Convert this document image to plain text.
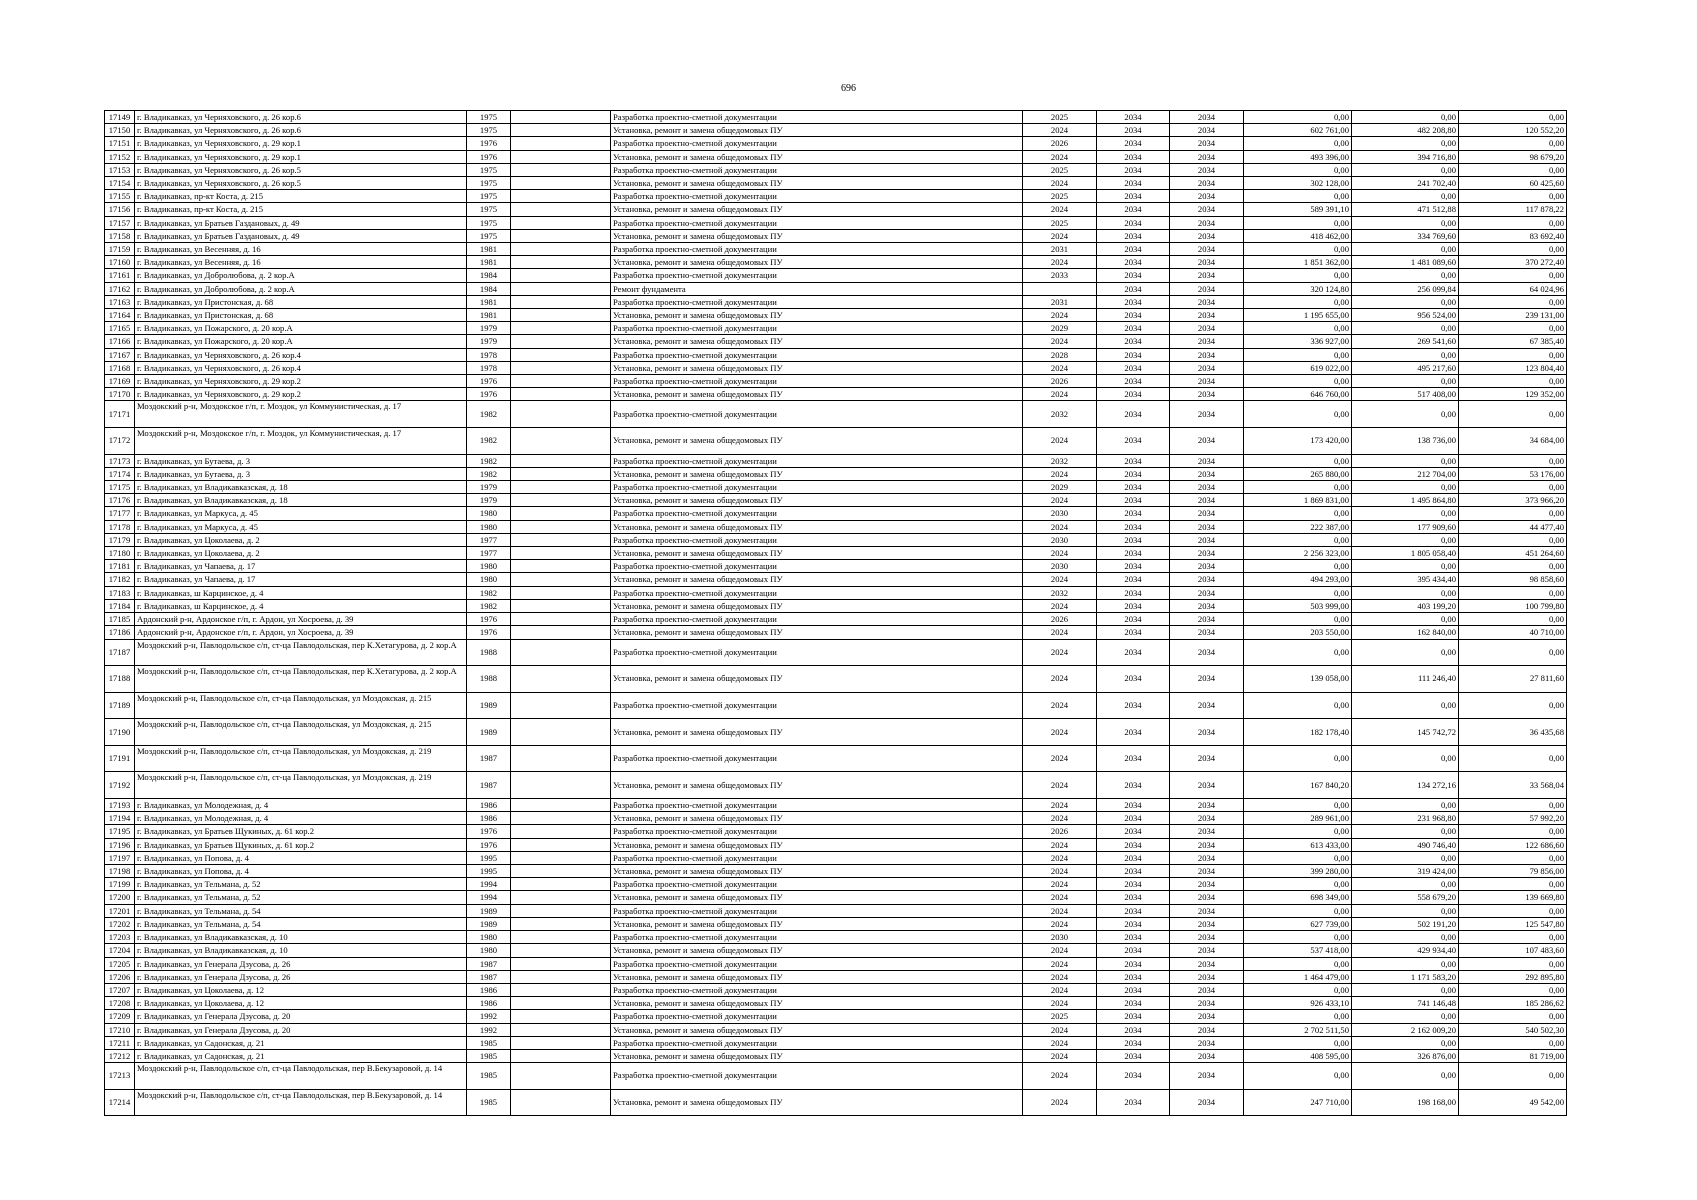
696
17149	г. Владикавказ, ул Черняховского, д. 26 кор.6	1975		Разработка проектно-сметной документации	2025	2034	2034	0,00	0,00	0,00
17150	г. Владикавказ, ул Черняховского, д. 26 кор.6	1975		Установка, ремонт и замена общедомовых ПУ	2024	2034	2034	602 761,00	482 208,80	120 552,20
17151	г. Владикавказ, ул Черняховского, д. 29 кор.1	1976		Разработка проектно-сметной документации	2026	2034	2034	0,00	0,00	0,00
17152	г. Владикавказ, ул Черняховского, д. 29 кор.1	1976		Установка, ремонт и замена общедомовых ПУ	2024	2034	2034	493 396,00	394 716,80	98 679,20
17153	г. Владикавказ, ул Черняховского, д. 26 кор.5	1975		Разработка проектно-сметной документации	2025	2034	2034	0,00	0,00	0,00
17154	г. Владикавказ, ул Черняховского, д. 26 кор.5	1975		Установка, ремонт и замена общедомовых ПУ	2024	2034	2034	302 128,00	241 702,40	60 425,60
17155	г. Владикавказ, пр-кт Коста, д. 215	1975		Разработка проектно-сметной документации	2025	2034	2034	0,00	0,00	0,00
17156	г. Владикавказ, пр-кт Коста, д. 215	1975		Установка, ремонт и замена общедомовых ПУ	2024	2034	2034	589 391,10	471 512,88	117 878,22
17157	г. Владикавказ, ул Братьев Газдановых, д. 49	1975		Разработка проектно-сметной документации	2025	2034	2034	0,00	0,00	0,00
17158	г. Владикавказ, ул Братьев Газдановых, д. 49	1975		Установка, ремонт и замена общедомовых ПУ	2024	2034	2034	418 462,00	334 769,60	83 692,40
17159	г. Владикавказ, ул Весенняя, д. 16	1981		Разработка проектно-сметной документации	2031	2034	2034	0,00	0,00	0,00
17160	г. Владикавказ, ул Весенняя, д. 16	1981		Установка, ремонт и замена общедомовых ПУ	2024	2034	2034	1 851 362,00	1 481 089,60	370 272,40
17161	г. Владикавказ, ул Добролюбова, д. 2 кор.А	1984		Разработка проектно-сметной документации	2033	2034	2034	0,00	0,00	0,00
17162	г. Владикавказ, ул Добролюбова, д. 2 кор.А	1984		Ремонт фундамента		2034	2034	320 124,80	256 099,84	64 024,96
17163	г. Владикавказ, ул Пристонская, д. 68	1981		Разработка проектно-сметной документации	2031	2034	2034	0,00	0,00	0,00
17164	г. Владикавказ, ул Пристонская, д. 68	1981		Установка, ремонт и замена общедомовых ПУ	2024	2034	2034	1 195 655,00	956 524,00	239 131,00
17165	г. Владикавказ, ул Пожарского, д. 20 кор.А	1979		Разработка проектно-сметной документации	2029	2034	2034	0,00	0,00	0,00
17166	г. Владикавказ, ул Пожарского, д. 20 кор.А	1979		Установка, ремонт и замена общедомовых ПУ	2024	2034	2034	336 927,00	269 541,60	67 385,40
17167	г. Владикавказ, ул Черняховского, д. 26 кор.4	1978		Разработка проектно-сметной документации	2028	2034	2034	0,00	0,00	0,00
17168	г. Владикавказ, ул Черняховского, д. 26 кор.4	1978		Установка, ремонт и замена общедомовых ПУ	2024	2034	2034	619 022,00	495 217,60	123 804,40
17169	г. Владикавказ, ул Черняховского, д. 29 кор.2	1976		Разработка проектно-сметной документации	2026	2034	2034	0,00	0,00	0,00
17170	г. Владикавказ, ул Черняховского, д. 29 кор.2	1976		Установка, ремонт и замена общедомовых ПУ	2024	2034	2034	646 760,00	517 408,00	129 352,00
17171	Моздокский р-н, Моздокское г/п, г. Моздок, ул Коммунистическая, д. 17	1982		Разработка проектно-сметной документации	2032	2034	2034	0,00	0,00	0,00
17172	Моздокский р-н, Моздокское г/п, г. Моздок, ул Коммунистическая, д. 17	1982		Установка, ремонт и замена общедомовых ПУ	2024	2034	2034	173 420,00	138 736,00	34 684,00
17173	г. Владикавказ, ул Бутаева, д. 3	1982		Разработка проектно-сметной документации	2032	2034	2034	0,00	0,00	0,00
17174	г. Владикавказ, ул Бутаева, д. 3	1982		Установка, ремонт и замена общедомовых ПУ	2024	2034	2034	265 880,00	212 704,00	53 176,00
17175	г. Владикавказ, ул Владикавказская, д. 18	1979		Разработка проектно-сметной документации	2029	2034	2034	0,00	0,00	0,00
17176	г. Владикавказ, ул Владикавказская, д. 18	1979		Установка, ремонт и замена общедомовых ПУ	2024	2034	2034	1 869 831,00	1 495 864,80	373 966,20
17177	г. Владикавказ, ул Маркуса, д. 45	1980		Разработка проектно-сметной документации	2030	2034	2034	0,00	0,00	0,00
17178	г. Владикавказ, ул Маркуса, д. 45	1980		Установка, ремонт и замена общедомовых ПУ	2024	2034	2034	222 387,00	177 909,60	44 477,40
17179	г. Владикавказ, ул Цоколаева, д. 2	1977		Разработка проектно-сметной документации	2030	2034	2034	0,00	0,00	0,00
17180	г. Владикавказ, ул Цоколаева, д. 2	1977		Установка, ремонт и замена общедомовых ПУ	2024	2034	2034	2 256 323,00	1 805 058,40	451 264,60
17181	г. Владикавказ, ул Чапаева, д. 17	1980		Разработка проектно-сметной документации	2030	2034	2034	0,00	0,00	0,00
17182	г. Владикавказ, ул Чапаева, д. 17	1980		Установка, ремонт и замена общедомовых ПУ	2024	2034	2034	494 293,00	395 434,40	98 858,60
17183	г. Владикавказ, ш Карцинское, д. 4	1982		Разработка проектно-сметной документации	2032	2034	2034	0,00	0,00	0,00
17184	г. Владикавказ, ш Карцинское, д. 4	1982		Установка, ремонт и замена общедомовых ПУ	2024	2034	2034	503 999,00	403 199,20	100 799,80
17185	Ардонский р-н, Ардонское г/п, г. Ардон, ул Хосроева, д. 39	1976		Разработка проектно-сметной документации	2026	2034	2034	0,00	0,00	0,00
17186	Ардонский р-н, Ардонское г/п, г. Ардон, ул Хосроева, д. 39	1976		Установка, ремонт и замена общедомовых ПУ	2024	2034	2034	203 550,00	162 840,00	40 710,00
17187	Моздокский р-н, Павлодольское с/п, ст-ца Павлодольская, пер К.Хетагурова, д. 2 кор.А	1988		Разработка проектно-сметной документации	2024	2034	2034	0,00	0,00	0,00
17188	Моздокский р-н, Павлодольское с/п, ст-ца Павлодольская, пер К.Хетагурова, д. 2 кор.А	1988		Установка, ремонт и замена общедомовых ПУ	2024	2034	2034	139 058,00	111 246,40	27 811,60
17189	Моздокский р-н, Павлодольское с/п, ст-ца Павлодольская, ул Моздокская, д. 215	1989		Разработка проектно-сметной документации	2024	2034	2034	0,00	0,00	0,00
17190	Моздокский р-н, Павлодольское с/п, ст-ца Павлодольская, ул Моздокская, д. 215	1989		Установка, ремонт и замена общедомовых ПУ	2024	2034	2034	182 178,40	145 742,72	36 435,68
17191	Моздокский р-н, Павлодольское с/п, ст-ца Павлодольская, ул Моздокская, д. 219	1987		Разработка проектно-сметной документации	2024	2034	2034	0,00	0,00	0,00
17192	Моздокский р-н, Павлодольское с/п, ст-ца Павлодольская, ул Моздокская, д. 219	1987		Установка, ремонт и замена общедомовых ПУ	2024	2034	2034	167 840,20	134 272,16	33 568,04
17193	г. Владикавказ, ул Молодежная, д. 4	1986		Разработка проектно-сметной документации	2024	2034	2034	0,00	0,00	0,00
17194	г. Владикавказ, ул Молодежная, д. 4	1986		Установка, ремонт и замена общедомовых ПУ	2024	2034	2034	289 961,00	231 968,80	57 992,20
17195	г. Владикавказ, ул Братьев Щукиных, д. 61 кор.2	1976		Разработка проектно-сметной документации	2026	2034	2034	0,00	0,00	0,00
17196	г. Владикавказ, ул Братьев Щукиных, д. 61 кор.2	1976		Установка, ремонт и замена общедомовых ПУ	2024	2034	2034	613 433,00	490 746,40	122 686,60
17197	г. Владикавказ, ул Попова, д. 4	1995		Разработка проектно-сметной документации	2024	2034	2034	0,00	0,00	0,00
17198	г. Владикавказ, ул Попова, д. 4	1995		Установка, ремонт и замена общедомовых ПУ	2024	2034	2034	399 280,00	319 424,00	79 856,00
17199	г. Владикавказ, ул Тельмана, д. 52	1994		Разработка проектно-сметной документации	2024	2034	2034	0,00	0,00	0,00
17200	г. Владикавказ, ул Тельмана, д. 52	1994		Установка, ремонт и замена общедомовых ПУ	2024	2034	2034	698 349,00	558 679,20	139 669,80
17201	г. Владикавказ, ул Тельмана, д. 54	1989		Разработка проектно-сметной документации	2024	2034	2034	0,00	0,00	0,00
17202	г. Владикавказ, ул Тельмана, д. 54	1989		Установка, ремонт и замена общедомовых ПУ	2024	2034	2034	627 739,00	502 191,20	125 547,80
17203	г. Владикавказ, ул Владикавказская, д. 10	1980		Разработка проектно-сметной документации	2030	2034	2034	0,00	0,00	0,00
17204	г. Владикавказ, ул Владикавказская, д. 10	1980		Установка, ремонт и замена общедомовых ПУ	2024	2034	2034	537 418,00	429 934,40	107 483,60
17205	г. Владикавказ, ул Генерала Дзусова, д. 26	1987		Разработка проектно-сметной документации	2024	2034	2034	0,00	0,00	0,00
17206	г. Владикавказ, ул Генерала Дзусова, д. 26	1987		Установка, ремонт и замена общедомовых ПУ	2024	2034	2034	1 464 479,00	1 171 583,20	292 895,80
17207	г. Владикавказ, ул Цоколаева, д. 12	1986		Разработка проектно-сметной документации	2024	2034	2034	0,00	0,00	0,00
17208	г. Владикавказ, ул Цоколаева, д. 12	1986		Установка, ремонт и замена общедомовых ПУ	2024	2034	2034	926 433,10	741 146,48	185 286,62
17209	г. Владикавказ, ул Генерала Дзусова, д. 20	1992		Разработка проектно-сметной документации	2025	2034	2034	0,00	0,00	0,00
17210	г. Владикавказ, ул Генерала Дзусова, д. 20	1992		Установка, ремонт и замена общедомовых ПУ	2024	2034	2034	2 702 511,50	2 162 009,20	540 502,30
17211	г. Владикавказ, ул Садонская, д. 21	1985		Разработка проектно-сметной документации	2024	2034	2034	0,00	0,00	0,00
17212	г. Владикавказ, ул Садонская, д. 21	1985		Установка, ремонт и замена общедомовых ПУ	2024	2034	2034	408 595,00	326 876,00	81 719,00
17213	Моздокский р-н, Павлодольское с/п, ст-ца Павлодольская, пер В.Бекузаровой, д. 14	1985		Разработка проектно-сметной документации	2024	2034	2034	0,00	0,00	0,00
17214	Моздокский р-н, Павлодольское с/п, ст-ца Павлодольская, пер В.Бекузаровой, д. 14	1985		Установка, ремонт и замена общедомовых ПУ	2024	2034	2034	247 710,00	198 168,00	49 542,00
